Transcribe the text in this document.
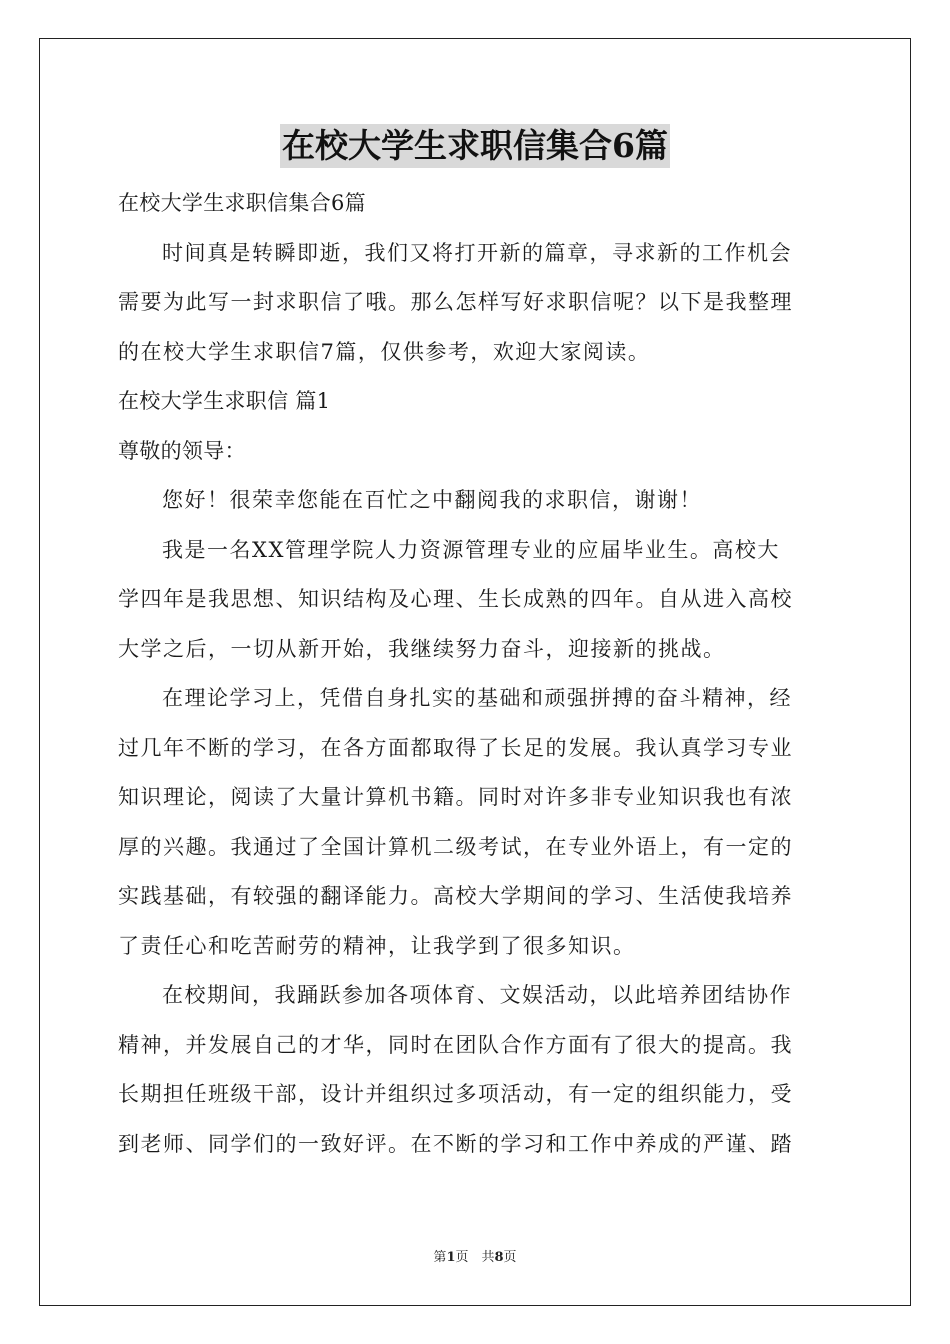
在校大学生求职信集合6篇
在校大学生求职信集合6篇
时间真是转瞬即逝，我们又将打开新的篇章，寻求新的工作机会
需要为此写一封求职信了哦。那么怎样写好求职信呢？以下是我整理
的在校大学生求职信7篇，仅供参考，欢迎大家阅读。
在校大学生求职信 篇1
尊敬的领导：
您好！很荣幸您能在百忙之中翻阅我的求职信，谢谢！
我是一名XX管理学院人力资源管理专业的应届毕业生。高校大
学四年是我思想、知识结构及心理、生长成熟的四年。自从进入高校
大学之后，一切从新开始，我继续努力奋斗，迎接新的挑战。
在理论学习上，凭借自身扎实的基础和顽强拼搏的奋斗精神，经
过几年不断的学习，在各方面都取得了长足的发展。我认真学习专业
知识理论，阅读了大量计算机书籍。同时对许多非专业知识我也有浓
厚的兴趣。我通过了全国计算机二级考试，在专业外语上，有一定的
实践基础，有较强的翻译能力。高校大学期间的学习、生活使我培养
了责任心和吃苦耐劳的精神，让我学到了很多知识。
在校期间，我踊跃参加各项体育、文娱活动，以此培养团结协作
精神，并发展自己的才华，同时在团队合作方面有了很大的提高。我
长期担任班级干部，设计并组织过多项活动，有一定的组织能力，受
到老师、同学们的一致好评。在不断的学习和工作中养成的严谨、踏
第1页　共8页
